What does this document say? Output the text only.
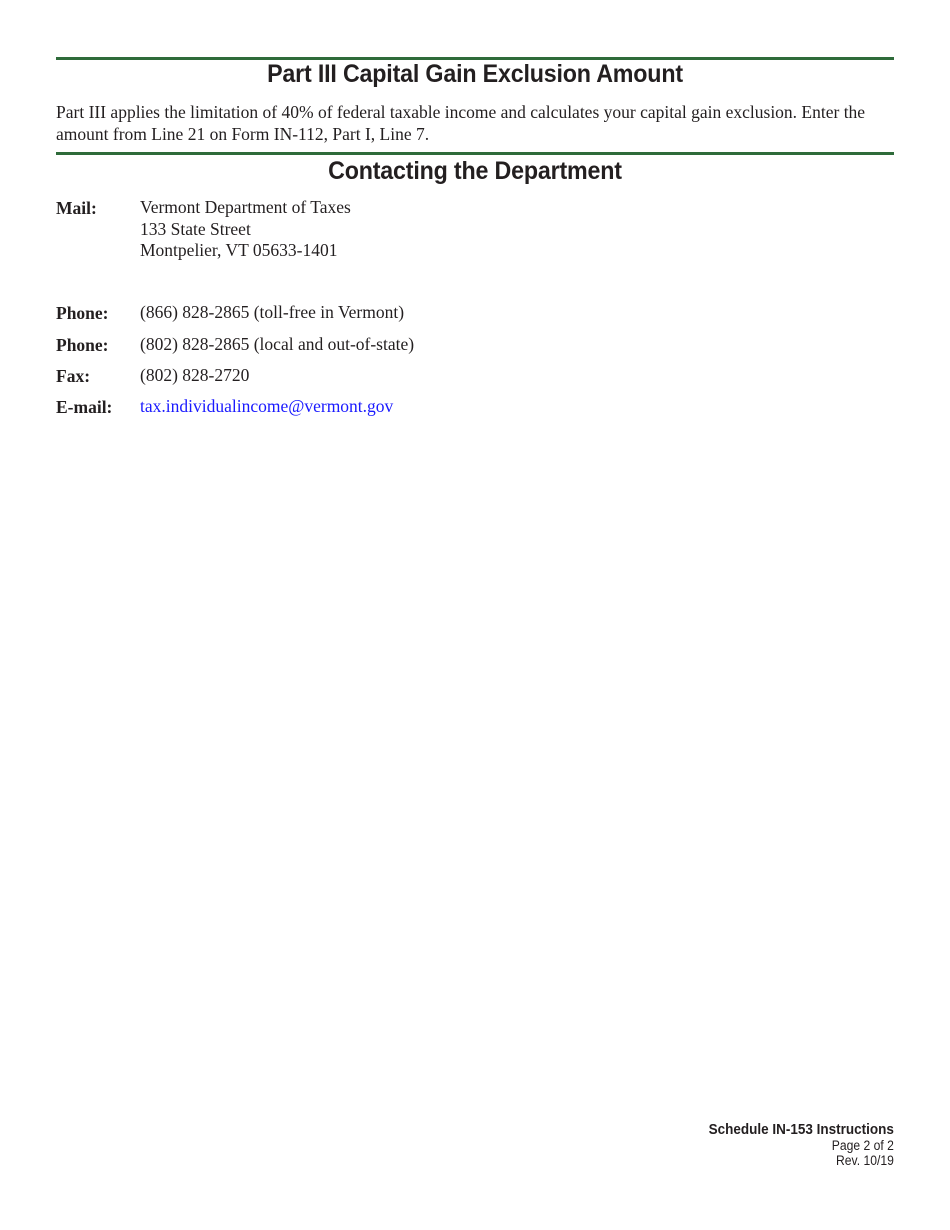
Part III Capital Gain Exclusion Amount

Part III applies the limitation of 40% of federal taxable income and calculates your capital gain exclusion. Enter the amount from Line 21 on Form IN-112, Part I, Line 7.

Contacting the Department
Mail: Vermont Department of Taxes
133 State Street
Montpelier, VT 05633-1401
Phone: (866) 828-2865 (toll-free in Vermont)
Phone: (802) 828-2865 (local and out-of-state)
Fax:	(802) 828-2720
E-mail: tax.individualincome@vermont.gov
Schedule IN-153 Instructions
Page 2 of 2
Rev. 10/19
